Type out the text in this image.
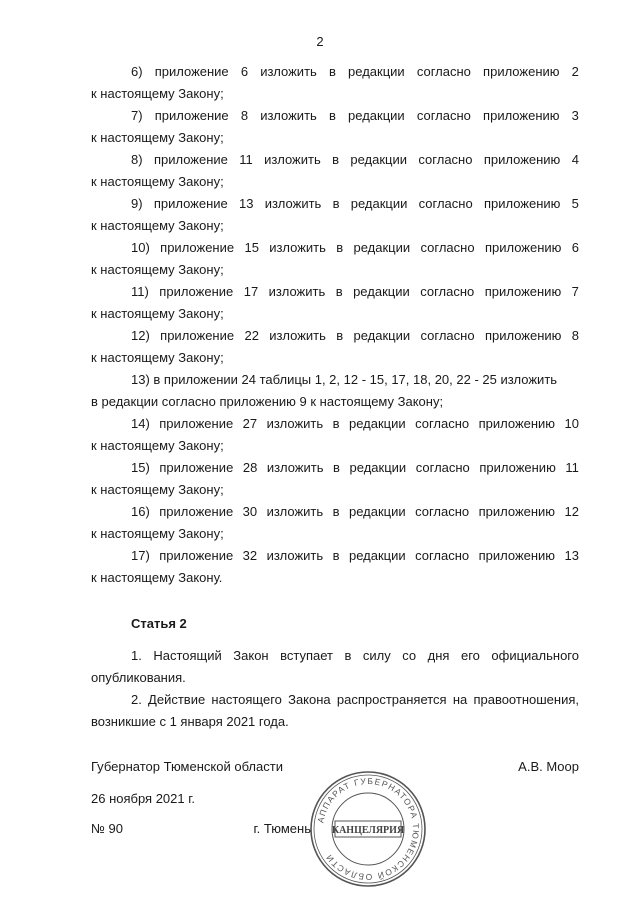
2
6) приложение 6 изложить в редакции согласно приложению 2
к настоящему Закону;
7) приложение 8 изложить в редакции согласно приложению 3
к настоящему Закону;
8) приложение 11 изложить в редакции согласно приложению 4
к настоящему Закону;
9) приложение 13 изложить в редакции согласно приложению 5
к настоящему Закону;
10) приложение 15 изложить в редакции согласно приложению 6
к настоящему Закону;
11) приложение 17 изложить в редакции согласно приложению 7
к настоящему Закону;
12) приложение 22 изложить в редакции согласно приложению 8
к настоящему Закону;
13) в приложении 24 таблицы 1, 2, 12 - 15, 17, 18, 20, 22 - 25 изложить
в редакции согласно приложению 9 к настоящему Закону;
14) приложение 27 изложить в редакции согласно приложению 10
к настоящему Закону;
15) приложение 28 изложить в редакции согласно приложению 11
к настоящему Закону;
16) приложение 30 изложить в редакции согласно приложению 12
к настоящему Закону;
17) приложение 32 изложить в редакции согласно приложению 13
к настоящему Закону.
Статья 2

1. Настоящий Закон вступает в силу со дня его официального опубликования.

2. Действие настоящего Закона распространяется на правоотношения, возникшие с 1 января 2021 года.

Губернатор Тюменской области	А.В. Моор
26 ноября 2021 г.
№ 90	г. Тюмень
АППАРАТ ГУБЕРНАТОРА ТЮМЕНСКОЙ ОБЛАСТИ
КАНЦЕЛЯРИЯ
